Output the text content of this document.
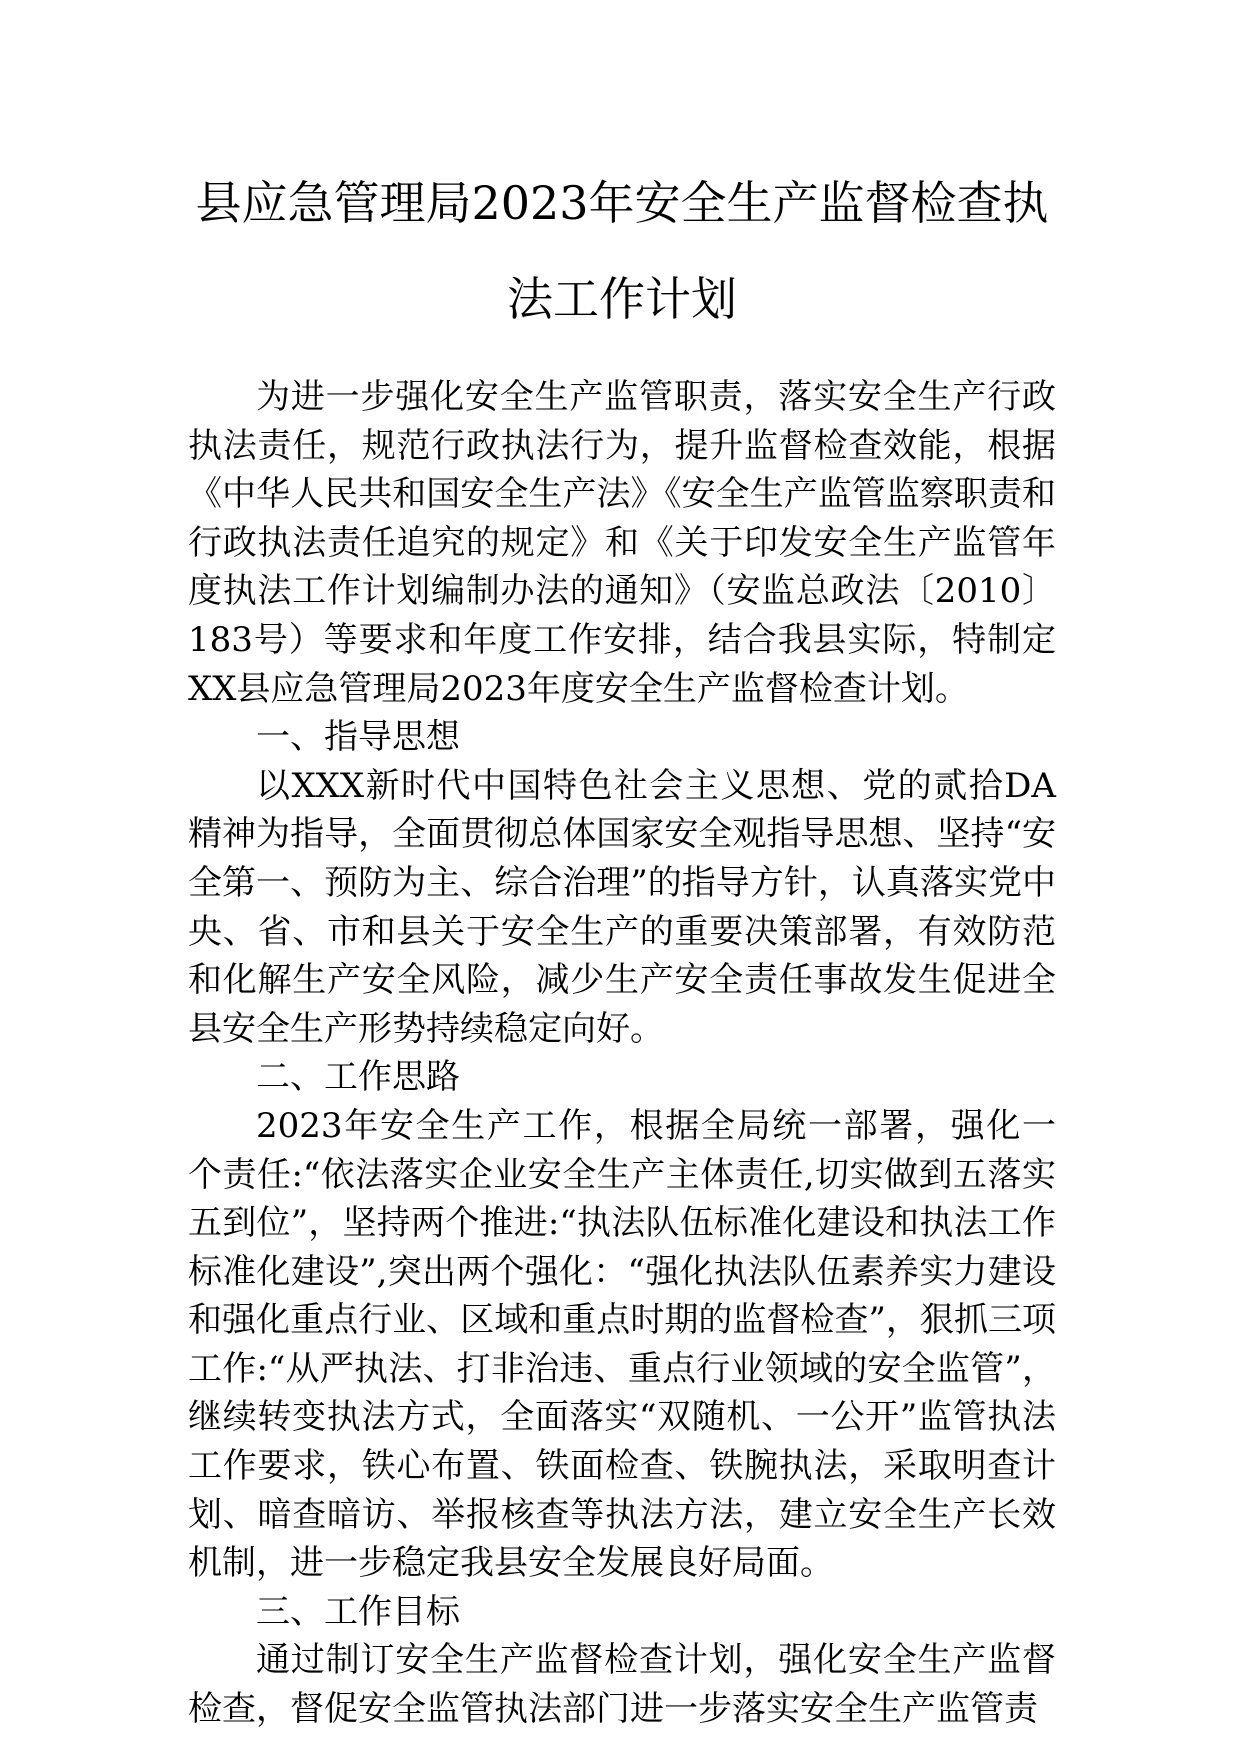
县应急管理局2023年安全生产监督检查执
法工作计划

为进一步强化安全生产监管职责，落实安全生产行政执法责任，规范行政执法行为，提升监督检查效能，根据《中华人民共和国安全生产法》《安全生产监管监察职责和行政执法责任追究的规定》和《关于印发安全生产监管年度执法工作计划编制办法的通知》（安监总政法〔2010〕183号）等要求和年度工作安排，结合我县实际，特制定XX县应急管理局2023年度安全生产监督检查计划。

一、指导思想

以XXX新时代中国特色社会主义思想、党的贰拾DA精神为指导，全面贯彻总体国家安全观指导思想、坚持“安全第一、预防为主、综合治理”的指导方针，认真落实党中央、省、市和县关于安全生产的重要决策部署，有效防范和化解生产安全风险，减少生产安全责任事故发生促进全县安全生产形势持续稳定向好。

二、工作思路

2023年安全生产工作，根据全局统一部署，强化一个责任:“依法落实企业安全生产主体责任,切实做到五落实五到位”，坚持两个推进:“执法队伍标准化建设和执法工作标准化建设”,突出两个强化：“强化执法队伍素养实力建设和强化重点行业、区域和重点时期的监督检查”，狠抓三项工作:“从严执法、打非治违、重点行业领域的安全监管”，继续转变执法方式，全面落实“双随机、一公开”监管执法工作要求，铁心布置、铁面检查、铁腕执法，采取明查计划、暗查暗访、举报核查等执法方法，建立安全生产长效机制，进一步稳定我县安全发展良好局面。

三、工作目标

通过制订安全生产监督检查计划，强化安全生产监督检查，督促安全监管执法部门进一步落实安全生产监管责
